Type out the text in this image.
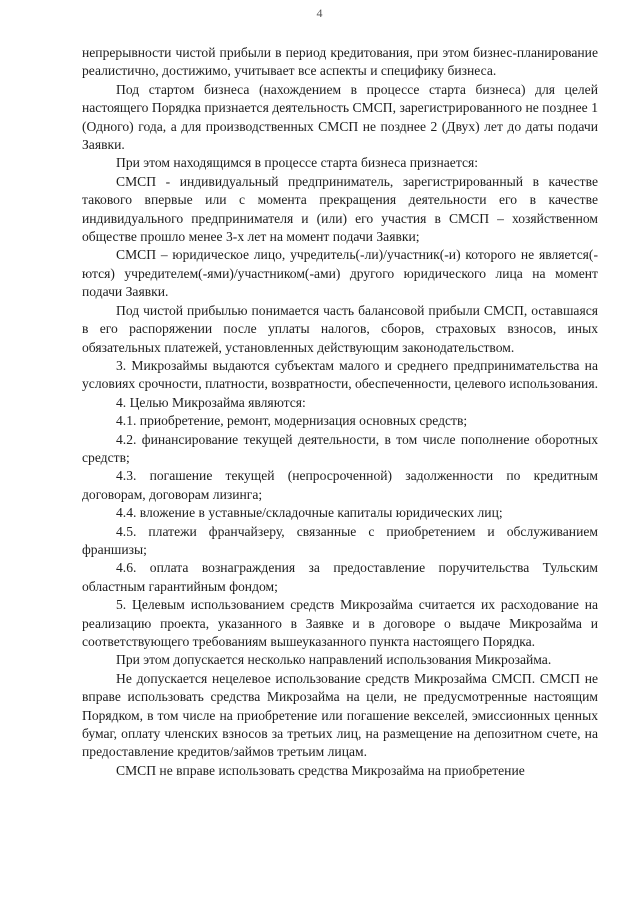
4

непрерывности чистой прибыли в период кредитования, при этом бизнес-планирование реалистично, достижимо, учитывает все аспекты и специфику бизнеса.

Под стартом бизнеса (нахождением в процессе старта бизнеса) для целей настоящего Порядка признается деятельность СМСП, зарегистрированного не позднее 1 (Одного) года, а для производственных СМСП не позднее 2 (Двух) лет до даты подачи Заявки.

При этом находящимся в процессе старта бизнеса признается:

СМСП - индивидуальный предприниматель, зарегистрированный в качестве такового впервые или с момента прекращения деятельности его в качестве индивидуального предпринимателя и (или) его участия в СМСП – хозяйственном обществе прошло менее 3-х лет на момент подачи Заявки;

СМСП – юридическое лицо, учредитель(-ли)/участник(-и) которого не является(-ются) учредителем(-ями)/участником(-ами) другого юридического лица на момент подачи Заявки.

Под чистой прибылью понимается часть балансовой прибыли СМСП, оставшаяся в его распоряжении после уплаты налогов, сборов, страховых взносов, иных обязательных платежей, установленных действующим законодательством.

3. Микрозаймы выдаются субъектам малого и среднего предпринимательства на условиях срочности, платности, возвратности, обеспеченности, целевого использования.

4. Целью Микрозайма являются:

4.1. приобретение, ремонт, модернизация основных средств;

4.2. финансирование текущей деятельности, в том числе пополнение оборотных средств;

4.3. погашение текущей (непросроченной) задолженности по кредитным договорам, договорам лизинга;

4.4. вложение в уставные/складочные капиталы юридических лиц;

4.5. платежи франчайзеру, связанные с приобретением и обслуживанием франшизы;

4.6. оплата вознаграждения за предоставление поручительства Тульским областным гарантийным фондом;

5. Целевым использованием средств Микрозайма считается их расходование на реализацию проекта, указанного в Заявке и в договоре о выдаче Микрозайма и соответствующего требованиям вышеуказанного пункта настоящего Порядка.

При этом допускается несколько направлений использования Микрозайма.

Не допускается нецелевое использование средств Микрозайма СМСП. СМСП не вправе использовать средства Микрозайма на цели, не предусмотренные настоящим Порядком, в том числе на приобретение или погашение векселей, эмиссионных ценных бумаг, оплату членских взносов за третьих лиц, на размещение на депозитном счете, на предоставление кредитов/займов третьим лицам.

СМСП не вправе использовать средства Микрозайма на приобретение
